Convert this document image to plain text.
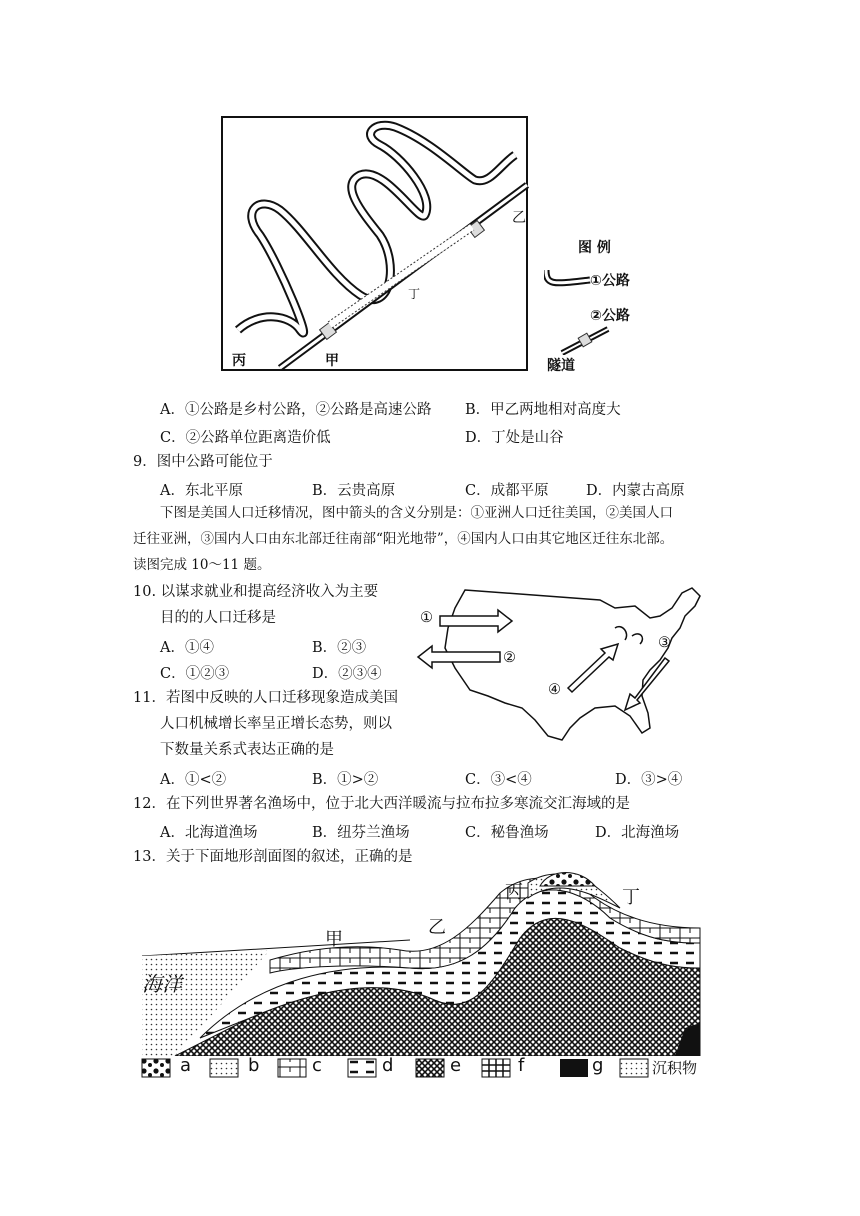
丙	甲
乙
丁
图 例
①公路
②公路
隧道
A．①公路是乡村公路，②公路是高速公路 B．甲乙两地相对高度大
C．②公路单位距离造价低	D．丁处是山谷
9．图中公路可能位于
A．东北平原	B．云贵高原	C．成都平原	D．内蒙古高原
下图是美国人口迁移情况，图中箭头的含义分别是：①亚洲人口迁往美国，②美国人口
迁往亚洲，③国内人口由东北部迁往南部“阳光地带”，④国内人口由其它地区迁往东北部。
读图完成 10～11 题。
10. 以谋求就业和提高经济收入为主要
目的的人口迁移是
A．①④	B．②③
C．①②③	D．②③④
①
②
③
④
11．若图中反映的人口迁移现象造成美国
人口机械增长率呈正增长态势，则以
下数量关系式表达正确的是
A．①<②	B．①>②	C．③<④	D．③>④
12．在下列世界著名渔场中，位于北大西洋暖流与拉布拉多寒流交汇海域的是
A．北海道渔场	B．纽芬兰渔场	C．秘鲁渔场	D．北海渔场
13．关于下面地形剖面图的叙述，正确的是
甲
乙
丙	丁
海洋
a	b	c	d	e	f	g	沉积物
